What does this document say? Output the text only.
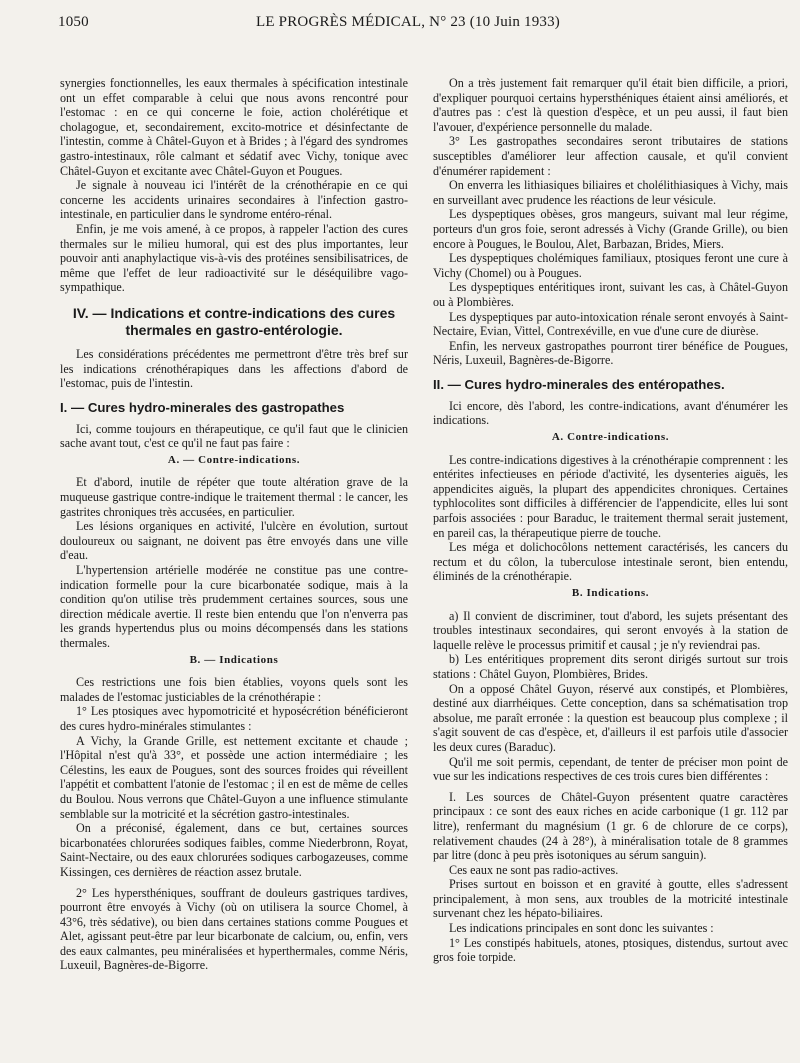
1050	LE PROGRÈS MÉDICAL, N° 23 (10 Juin 1933)

synergies fonctionnelles, les eaux thermales à spécification intestinale ont un effet comparable à celui que nous avons rencontré pour l'estomac : en ce qui concerne le foie, action cholérétique et cholagogue, et, secondairement, excito-motrice et désinfectante de l'intestin, comme à Châtel-Guyon et à Brides ; à l'égard des syndromes gastro-intestinaux, rôle calmant et sédatif avec Vichy, tonique avec Châtel-Guyon et excitante avec Châtel-Guyon et Pougues.

Je signale à nouveau ici l'intérêt de la crénothérapie en ce qui concerne les accidents urinaires secondaires à l'infection gastro-intestinale, en particulier dans le syndrome entéro-rénal.

Enfin, je me vois amené, à ce propos, à rappeler l'action des cures thermales sur le milieu humoral, qui est des plus importantes, leur pouvoir anti anaphylactique vis-à-vis des protéines sensibilisatrices, de même que l'effet de leur radioactivité sur le déséquilibre vago-sympathique.

IV. — Indications et contre-indications des cures thermales en gastro-entérologie.

Les considérations précédentes me permettront d'être très bref sur les indications crénothérapiques dans les affections d'abord de l'estomac, puis de l'intestin.

I. — Cures hydro-minerales des gastropathes

Ici, comme toujours en thérapeutique, ce qu'il faut que le clinicien sache avant tout, c'est ce qu'il ne faut pas faire :

A. — Contre-indications.

Et d'abord, inutile de répéter que toute altération grave de la muqueuse gastrique contre-indique le traitement thermal : le cancer, les gastrites chroniques très accusées, en particulier.

Les lésions organiques en activité, l'ulcère en évolution, surtout douloureux ou saignant, ne doivent pas être envoyés dans une ville d'eau.

L'hypertension artérielle modérée ne constitue pas une contre-indication formelle pour la cure bicarbonatée sodique, mais à la condition qu'on utilise très prudemment certaines sources, sous une direction médicale avertie. Il reste bien entendu que l'on n'enverra pas les grands hypertendus plus ou moins décompensés dans les stations thermales.

B. — Indications

Ces restrictions une fois bien établies, voyons quels sont les malades de l'estomac justiciables de la crénothérapie :

1° Les ptosiques avec hypomotricité et hyposécrétion bénéficieront des cures hydro-minérales stimulantes :

A Vichy, la Grande Grille, est nettement excitante et chaude ; l'Hôpital n'est qu'à 33°, et possède une action intermédiaire ; les Célestins, les eaux de Pougues, sont des sources froides qui réveillent l'appétit et combattent l'atonie de l'estomac ; il en est de même de celles du Boulou. Nous verrons que Châtel-Guyon a une influence stimulante semblable sur la motricité et la sécrétion gastro-intestinales.

On a préconisé, également, dans ce but, certaines sources bicarbonatées chlorurées sodiques faibles, comme Niederbronn, Royat, Saint-Nectaire, ou des eaux chlorurées sodiques carbogazeuses, comme Kissingen, ces dernières de réaction assez brutale.

2° Les hypersthéniques, souffrant de douleurs gastriques tardives, pourront être envoyés à Vichy (où on utilisera la source Chomel, à 43°6, très sédative), ou bien dans certaines stations comme Pougues et Alet, agissant peut-être par leur bicarbonate de calcium, ou, enfin, vers des eaux calmantes, peu minéralisées et hyperthermales, comme Néris, Luxeuil, Bagnères-de-Bigorre.

On a très justement fait remarquer qu'il était bien difficile, a priori, d'expliquer pourquoi certains hypersthéniques étaient ainsi améliorés, et d'autres pas : c'est là question d'espèce, et un peu aussi, il faut bien l'avouer, d'expérience personnelle du malade.

3° Les gastropathes secondaires seront tributaires de stations susceptibles d'améliorer leur affection causale, et qu'il convient d'énumérer rapidement :

On enverra les lithiasiques biliaires et cholélithiasiques à Vichy, mais en surveillant avec prudence les réactions de leur vésicule.

Les dyspeptiques obèses, gros mangeurs, suivant mal leur régime, porteurs d'un gros foie, seront adressés à Vichy (Grande Grille), ou bien encore à Pougues, le Boulou, Alet, Barbazan, Brides, Miers.

Les dyspeptiques cholémiques familiaux, ptosiques feront une cure à Vichy (Chomel) ou à Pougues.

Les dyspeptiques entéritiques iront, suivant les cas, à Châtel-Guyon ou à Plombières.

Les dyspeptiques par auto-intoxication rénale seront envoyés à Saint-Nectaire, Evian, Vittel, Contrexéville, en vue d'une cure de diurèse.

Enfin, les nerveux gastropathes pourront tirer bénéfice de Pougues, Néris, Luxeuil, Bagnères-de-Bigorre.

II. — Cures hydro-minerales des entéropathes.

Ici encore, dès l'abord, les contre-indications, avant d'énumérer les indications.

A. Contre-indications.

Les contre-indications digestives à la crénothérapie comprennent : les entérites infectieuses en période d'activité, les dysenteries aiguës, les appendicites aiguës, la plupart des appendicites chroniques. Certaines typhlocolites sont difficiles à différencier de l'appendicite, elles lui sont parfois associées : pour Baraduc, le traitement thermal serait justement, en pareil cas, la thérapeutique pierre de touche.

Les méga et dolichocôlons nettement caractérisés, les cancers du rectum et du côlon, la tuberculose intestinale seront, bien entendu, éliminés de la crénothérapie.

B. Indications.

a) Il convient de discriminer, tout d'abord, les sujets présentant des troubles intestinaux secondaires, qui seront envoyés à la station de laquelle relève le processus primitif et causal ; je n'y reviendrai pas.

b) Les entéritiques proprement dits seront dirigés surtout sur trois stations : Châtel Guyon, Plombières, Brides.

On a opposé Châtel Guyon, réservé aux constipés, et Plombières, destiné aux diarrhéiques. Cette conception, dans sa schématisation trop absolue, me paraît erronée : la question est beaucoup plus complexe ; il s'agit souvent de cas d'espèce, et, d'ailleurs il est parfois utile d'associer les deux cures (Baraduc).

Qu'il me soit permis, cependant, de tenter de préciser mon point de vue sur les indications respectives de ces trois cures bien différentes :

I. Les sources de Châtel-Guyon présentent quatre caractères principaux : ce sont des eaux riches en acide carbonique (1 gr. 112 par litre), renfermant du magnésium (1 gr. 6 de chlorure de ce corps), relativement chaudes (24 à 28°), à minéralisation totale de 8 grammes par litre (donc à peu près isotoniques au sérum sanguin).

Ces eaux ne sont pas radio-actives.

Prises surtout en boisson et en gravité à goutte, elles s'adressent principalement, à mon sens, aux troubles de la motricité intestinale survenant chez les hépato-biliaires.

Les indications principales en sont donc les suivantes :

1° Les constipés habituels, atones, ptosiques, distendus, surtout avec gros foie torpide.
